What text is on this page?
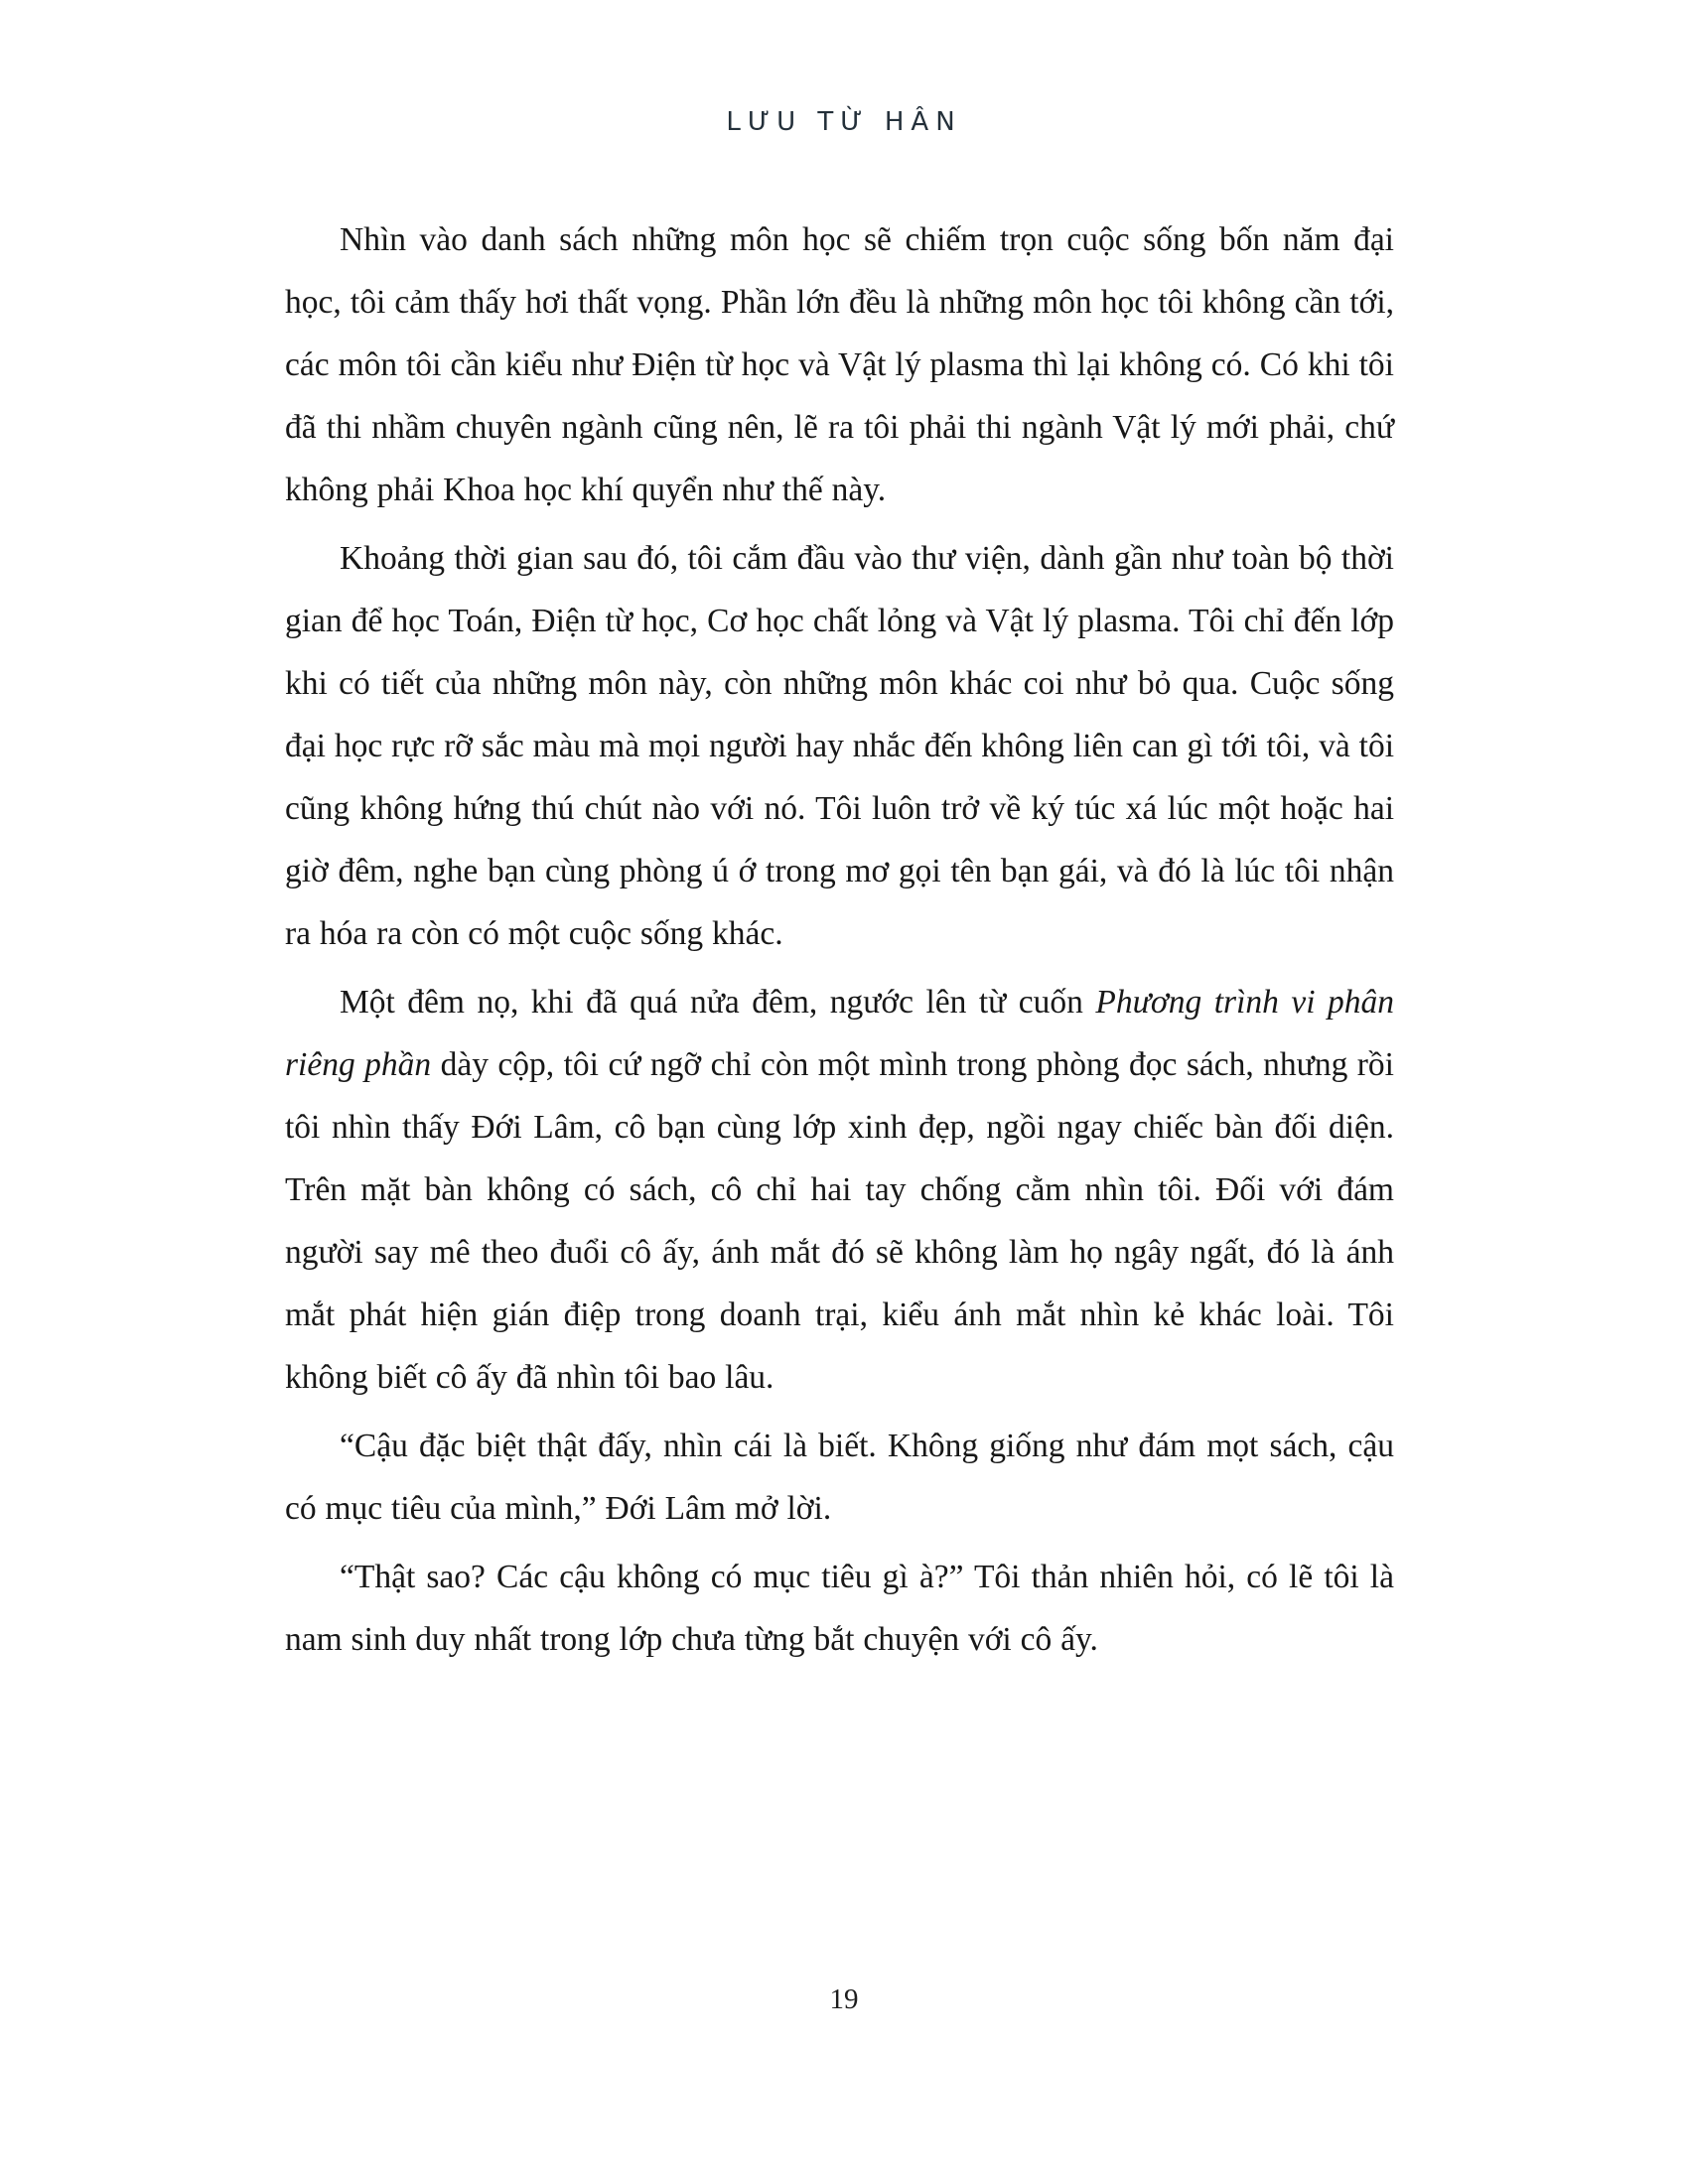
LƯU TỪ HÂN

Nhìn vào danh sách những môn học sẽ chiếm trọn cuộc sống bốn năm đại học, tôi cảm thấy hơi thất vọng. Phần lớn đều là những môn học tôi không cần tới, các môn tôi cần kiểu như Điện từ học và Vật lý plasma thì lại không có. Có khi tôi đã thi nhầm chuyên ngành cũng nên, lẽ ra tôi phải thi ngành Vật lý mới phải, chứ không phải Khoa học khí quyển như thế này.

Khoảng thời gian sau đó, tôi cắm đầu vào thư viện, dành gần như toàn bộ thời gian để học Toán, Điện từ học, Cơ học chất lỏng và Vật lý plasma. Tôi chỉ đến lớp khi có tiết của những môn này, còn những môn khác coi như bỏ qua. Cuộc sống đại học rực rỡ sắc màu mà mọi người hay nhắc đến không liên can gì tới tôi, và tôi cũng không hứng thú chút nào với nó. Tôi luôn trở về ký túc xá lúc một hoặc hai giờ đêm, nghe bạn cùng phòng ú ớ trong mơ gọi tên bạn gái, và đó là lúc tôi nhận ra hóa ra còn có một cuộc sống khác.

Một đêm nọ, khi đã quá nửa đêm, ngước lên từ cuốn Phương trình vi phân riêng phần dày cộp, tôi cứ ngỡ chỉ còn một mình trong phòng đọc sách, nhưng rồi tôi nhìn thấy Đới Lâm, cô bạn cùng lớp xinh đẹp, ngồi ngay chiếc bàn đối diện. Trên mặt bàn không có sách, cô chỉ hai tay chống cằm nhìn tôi. Đối với đám người say mê theo đuổi cô ấy, ánh mắt đó sẽ không làm họ ngây ngất, đó là ánh mắt phát hiện gián điệp trong doanh trại, kiểu ánh mắt nhìn kẻ khác loài. Tôi không biết cô ấy đã nhìn tôi bao lâu.

“Cậu đặc biệt thật đấy, nhìn cái là biết. Không giống như đám mọt sách, cậu có mục tiêu của mình,” Đới Lâm mở lời.

“Thật sao? Các cậu không có mục tiêu gì à?” Tôi thản nhiên hỏi, có lẽ tôi là nam sinh duy nhất trong lớp chưa từng bắt chuyện với cô ấy.

19
